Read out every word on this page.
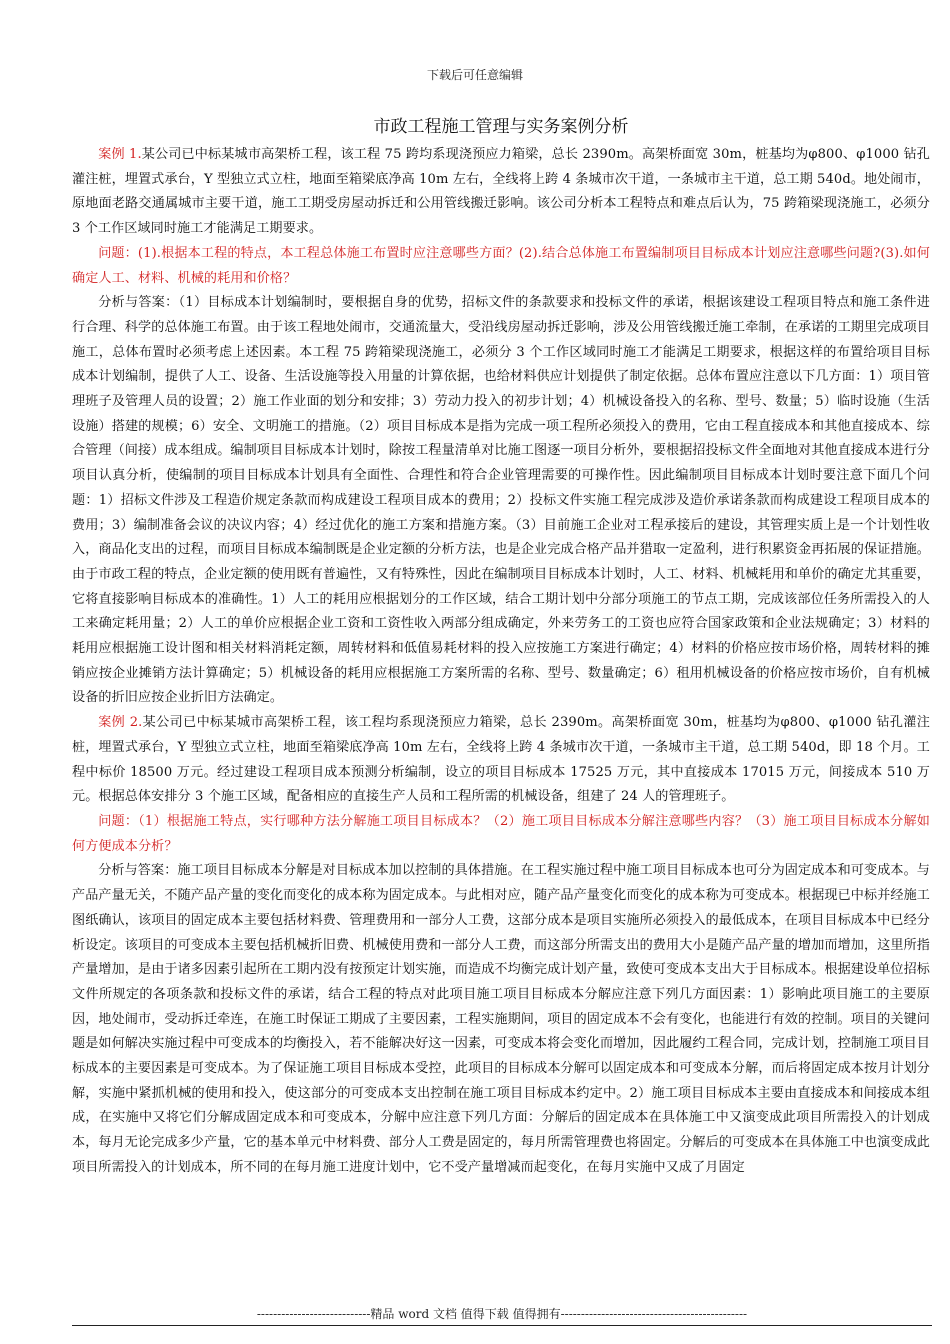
下载后可任意编辑
市政工程施工管理与实务案例分析

案例 1.某公司已中标某城市高架桥工程，该工程 75 跨均系现浇预应力箱梁，总长 2390m。高架桥面宽 30m，桩基均为φ800、φ1000 钻孔灌注桩，埋置式承台，Y 型独立式立柱，地面至箱梁底净高 10m 左右，全线将上跨 4 条城市次干道，一条城市主干道，总工期 540d。地处闹市，原地面老路交通属城市主要干道，施工工期受房屋动拆迁和公用管线搬迁影响。该公司分析本工程特点和难点后认为，75 跨箱梁现浇施工，必须分 3 个工作区域同时施工才能满足工期要求。

问题：(1).根据本工程的特点，本工程总体施工布置时应注意哪些方面？(2).结合总体施工布置编制项目目标成本计划应注意哪些问题?(3).如何确定人工、材料、机械的耗用和价格？

分析与答案：（1）目标成本计划编制时，要根据自身的优势，招标文件的条款要求和投标文件的承诺，根据该建设工程项目特点和施工条件进行合理、科学的总体施工布置。由于该工程地处闹市，交通流量大，受沿线房屋动拆迁影响，涉及公用管线搬迁施工牵制，在承诺的工期里完成项目施工，总体布置时必须考虑上述因素。本工程 75 跨箱梁现浇施工，必须分 3 个工作区域同时施工才能满足工期要求，根据这样的布置给项目目标成本计划编制，提供了人工、设备、生活设施等投入用量的计算依据，也给材料供应计划提供了制定依据。总体布置应注意以下几方面：1）项目管理班子及管理人员的设置；2）施工作业面的划分和安排；3）劳动力投入的初步计划；4）机械设备投入的名称、型号、数量；5）临时设施（生活设施）搭建的规模；6）安全、文明施工的措施。（2）项目目标成本是指为完成一项工程所必须投入的费用，它由工程直接成本和其他直接成本、综合管理（间接）成本组成。编制项目目标成本计划时，除按工程量清单对比施工图逐一项目分析外，要根据招投标文件全面地对其他直接成本进行分项目认真分析，使编制的项目目标成本计划具有全面性、合理性和符合企业管理需要的可操作性。因此编制项目目标成本计划时要注意下面几个问题：1）招标文件涉及工程造价规定条款而构成建设工程项目成本的费用；2）投标文件实施工程完成涉及造价承诺条款而构成建设工程项目成本的费用；3）编制准备会议的决议内容；4）经过优化的施工方案和措施方案。（3）目前施工企业对工程承接后的建设，其管理实质上是一个计划性收入，商品化支出的过程，而项目目标成本编制既是企业定额的分析方法，也是企业完成合格产品并猎取一定盈利，进行积累资金再拓展的保证措施。由于市政工程的特点，企业定额的使用既有普遍性，又有特殊性，因此在编制项目目标成本计划时，人工、材料、机械耗用和单价的确定尤其重要，它将直接影响目标成本的准确性。1）人工的耗用应根据划分的工作区域，结合工期计划中分部分项施工的节点工期，完成该部位任务所需投入的人工来确定耗用量；2）人工的单价应根据企业工资和工资性收入两部分组成确定，外来劳务工的工资也应符合国家政策和企业法规确定；3）材料的耗用应根据施工设计图和相关材料消耗定额，周转材料和低值易耗材料的投入应按施工方案进行确定；4）材料的价格应按市场价格，周转材料的摊销应按企业摊销方法计算确定；5）机械设备的耗用应根据施工方案所需的名称、型号、数量确定；6）租用机械设备的价格应按市场价，自有机械设备的折旧应按企业折旧方法确定。

案例 2.某公司已中标某城市高架桥工程，该工程均系现浇预应力箱梁，总长 2390m。高架桥面宽 30m，桩基均为φ800、φ1000 钻孔灌注桩，埋置式承台，Y 型独立式立柱，地面至箱梁底净高 10m 左右，全线将上跨 4 条城市次干道，一条城市主干道，总工期 540d，即 18 个月。工程中标价 18500 万元。经过建设工程项目成本预测分析编制，设立的项目目标成本 17525 万元，其中直接成本 17015 万元，间接成本 510 万元。根据总体安排分 3 个施工区域，配备相应的直接生产人员和工程所需的机械设备，组建了 24 人的管理班子。

问题：（1）根据施工特点，实行哪种方法分解施工项目目标成本？（2）施工项目目标成本分解注意哪些内容？（3）施工项目目标成本分解如何方便成本分析？

分析与答案：施工项目目标成本分解是对目标成本加以控制的具体措施。在工程实施过程中施工项目目标成本也可分为固定成本和可变成本。与产品产量无关，不随产品产量的变化而变化的成本称为固定成本。与此相对应，随产品产量变化而变化的成本称为可变成本。根据现已中标并经施工图纸确认，该项目的固定成本主要包括材料费、管理费用和一部分人工费，这部分成本是项目实施所必须投入的最低成本，在项目目标成本中已经分析设定。该项目的可变成本主要包括机械折旧费、机械使用费和一部分人工费，而这部分所需支出的费用大小是随产品产量的增加而增加，这里所指产量增加，是由于诸多因素引起所在工期内没有按预定计划实施，而造成不均衡完成计划产量，致使可变成本支出大于目标成本。根据建设单位招标文件所规定的各项条款和投标文件的承诺，结合工程的特点对此项目施工项目目标成本分解应注意下列几方面因素：1）影响此项目施工的主要原因，地处闹市，受动拆迁牵连，在施工时保证工期成了主要因素，工程实施期间，项目的固定成本不会有变化，也能进行有效的控制。项目的关键问题是如何解决实施过程中可变成本的均衡投入，若不能解决好这一因素，可变成本将会变化而增加，因此履约工程合同，完成计划，控制施工项目目标成本的主要因素是可变成本。为了保证施工项目目标成本受控，此项目的目标成本分解可以固定成本和可变成本分解，而后将固定成本按月计划分解，实施中紧抓机械的使用和投入，使这部分的可变成本支出控制在施工项目目标成本约定中。2）施工项目目标成本主要由直接成本和间接成本组成，在实施中又将它们分解成固定成本和可变成本，分解中应注意下列几方面：分解后的固定成本在具体施工中又演变成此项目所需投入的计划成本，每月无论完成多少产量，它的基本单元中材料费、部分人工费是固定的，每月所需管理费也将固定。分解后的可变成本在具体施工中也演变成此项目所需投入的计划成本，所不同的在每月施工进度计划中，它不受产量增减而起变化，在每月实施中又成了月固定

----------------------------精品 word 文档 值得下载 值得拥有----------------------------------------------
